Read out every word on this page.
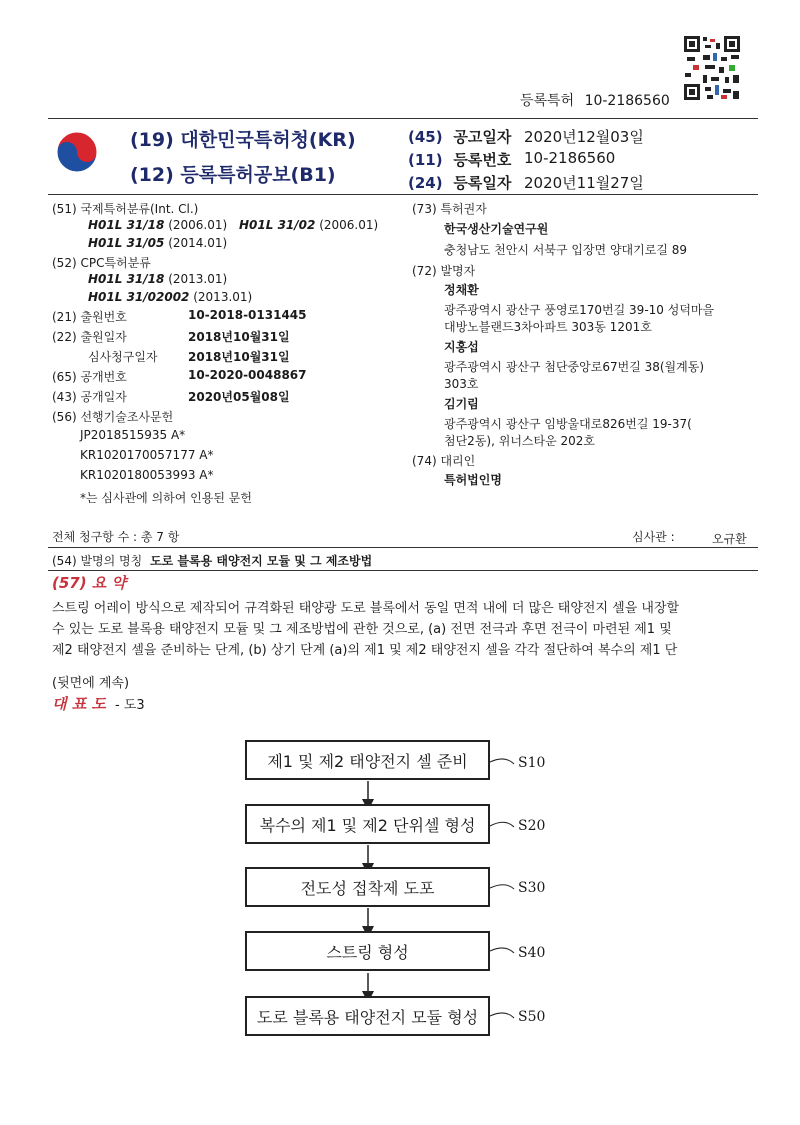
등록특허 10-2186560
(19) 대한민국특허청(KR)
(12) 등록특허공보(B1)
(45) 공고일자 2020년12월03일
(11) 등록번호 10-2186560
(24) 등록일자 2020년11월27일
(51) 국제특허분류(Int. Cl.)
H01L 31/18 (2006.01) H01L 31/02 (2006.01)
H01L 31/05 (2014.01)
(52) CPC특허분류
H01L 31/18 (2013.01)
H01L 31/02002 (2013.01)
(21) 출원번호	10-2018-0131445
(22) 출원일자	2018년10월31일
심사청구일자	2018년10월31일
(65) 공개번호	10-2020-0048867
(43) 공개일자	2020년05월08일
(56) 선행기술조사문헌
JP2018515935 A*
KR1020170057177 A*
KR1020180053993 A*
*는 심사관에 의하여 인용된 문헌
(73) 특허권자
한국생산기술연구원
충청남도 천안시 서북구 입장면 양대기로길 89
(72) 발명자
정채환
광주광역시 광산구 풍영로170번길 39-10 성덕마을
대방노블랜드3차아파트 303동 1201호
지홍섭
광주광역시 광산구 첨단중앙로67번길 38(월계동)
303호
김기림
광주광역시 광산구 임방울대로826번길 19-37(
첨단2동), 위너스타운 202호
(74) 대리인
특허법인명
전체 청구항 수 : 총 7 항	심사관 :	오규환
(54) 발명의 명칭 도로 블록용 태양전지 모듈 및 그 제조방법
(57) 요 약
스트링 어레이 방식으로 제작되어 규격화된 태양광 도로 블록에서 동일 면적 내에 더 많은 태양전지 셀을 내장할
수 있는 도로 블록용 태양전지 모듈 및 그 제조방법에 관한 것으로, (a) 전면 전극과 후면 전극이 마련된 제1 및
제2 태양전지 셀을 준비하는 단계, (b) 상기 단계 (a)의 제1 및 제2 태양전지 셀을 각각 절단하여 복수의 제1 단
(뒷면에 계속)
대 표 도 - 도3
제1 및 제2 태양전지 셀 준비
복수의 제1 및 제2 단위셀 형성
전도성 접착제 도포
스트링 형성
도로 블록용 태양전지 모듈 형성
S10
S20
S30
S40
S50
